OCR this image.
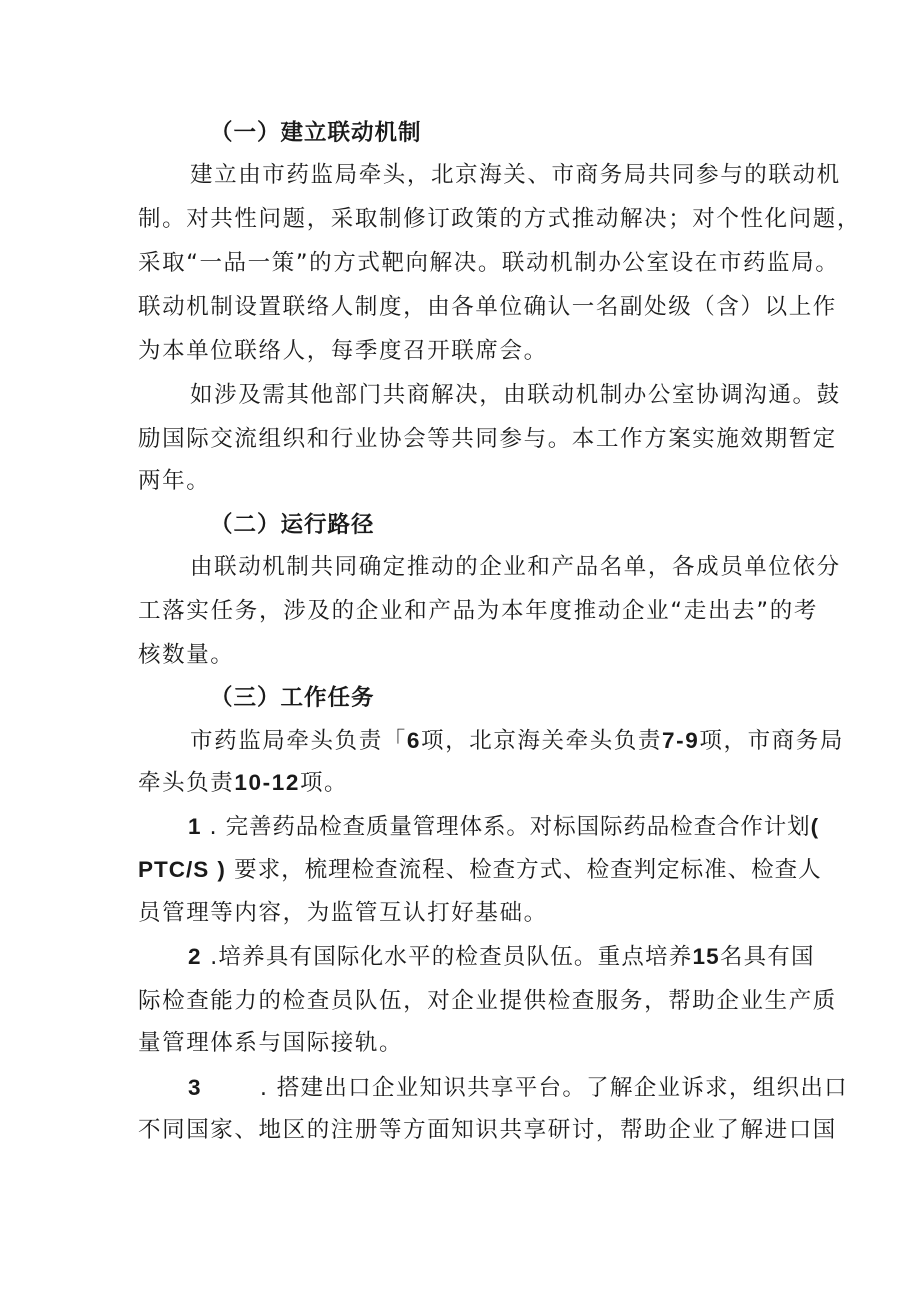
（一）建立联动机制
建立由市药监局牵头，北京海关、市商务局共同参与的联动机
制。对共性问题，采取制修订政策的方式推动解决；对个性化问题，
采取“一品一策”的方式靶向解决。联动机制办公室设在市药监局。
联动机制设置联络人制度，由各单位确认一名副处级（含）以上作
为本单位联络人，每季度召开联席会。
如涉及需其他部门共商解决，由联动机制办公室协调沟通。鼓
励国际交流组织和行业协会等共同参与。本工作方案实施效期暂定
两年。
（二）运行路径
由联动机制共同确定推动的企业和产品名单，各成员单位依分
工落实任务，涉及的企业和产品为本年度推动企业“走出去”的考
核数量。
（三）工作任务
市药监局牵头负责「6项，北京海关牵头负责7-9项，市商务局
牵头负责10-12项。
1 . 完善药品检查质量管理体系。对标国际药品检查合作计划(
PTC/S ) 要求，梳理检查流程、检查方式、检查判定标准、检查人
员管理等内容，为监管互认打好基础。
2 .培养具有国际化水平的检查员队伍。重点培养15名具有国
际检查能力的检查员队伍，对企业提供检查服务，帮助企业生产质
量管理体系与国际接轨。
3	. 搭建出口企业知识共享平台。了解企业诉求，组织出口
不同国家、地区的注册等方面知识共享研讨，帮助企业了解进口国
